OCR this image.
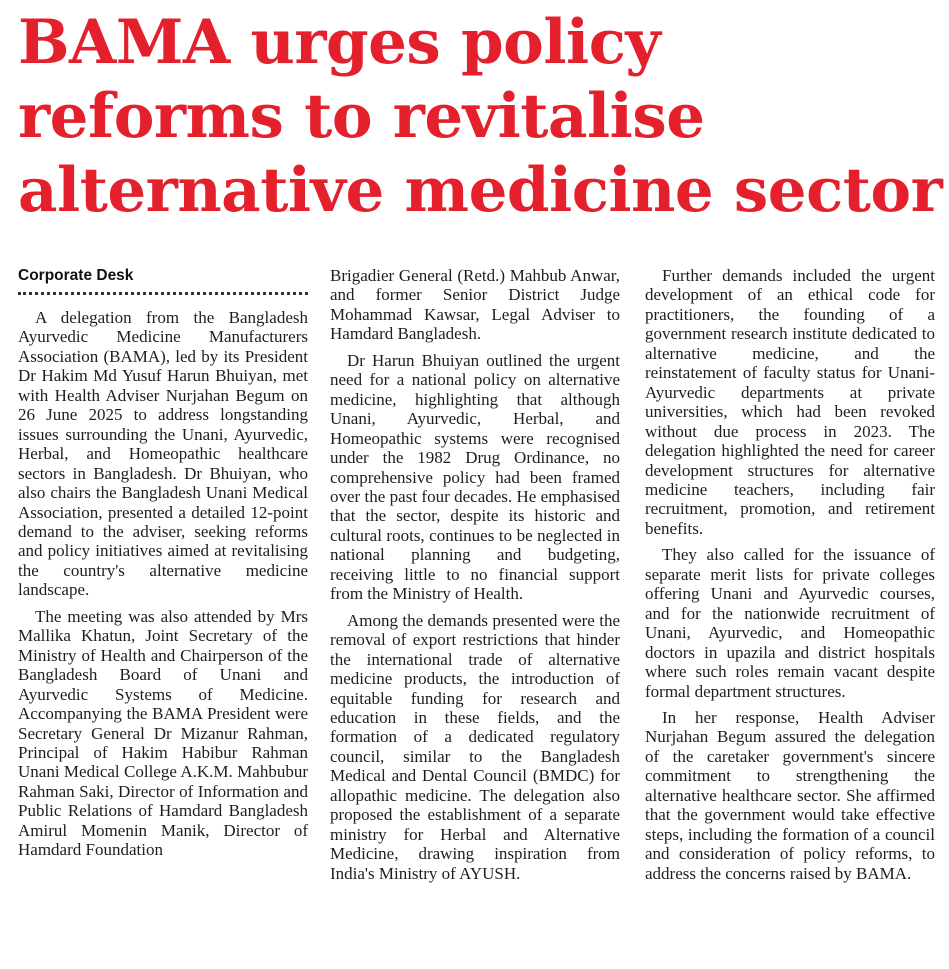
BAMA urges policy reforms to revitalise alternative medicine sector
Corporate Desk

A delegation from the Bangladesh Ayurvedic Medicine Manufacturers Association (BAMA), led by its President Dr Hakim Md Yusuf Harun Bhuiyan, met with Health Adviser Nurjahan Begum on 26 June 2025 to address longstanding issues surrounding the Unani, Ayurvedic, Herbal, and Homeopathic healthcare sectors in Bangladesh. Dr Bhuiyan, who also chairs the Bangladesh Unani Medical Association, presented a detailed 12-point demand to the adviser, seeking reforms and policy initiatives aimed at revitalising the country's alternative medicine landscape.

The meeting was also attended by Mrs Mallika Khatun, Joint Secretary of the Ministry of Health and Chairperson of the Bangladesh Board of Unani and Ayurvedic Systems of Medicine. Accompanying the BAMA President were Secretary General Dr Mizanur Rahman, Principal of Hakim Habibur Rahman Unani Medical College A.K.M. Mahbubur Rahman Saki, Director of Information and Public Relations of Hamdard Bangladesh Amirul Momenin Manik, Director of Hamdard Foundation

Brigadier General (Retd.) Mahbub Anwar, and former Senior District Judge Mohammad Kawsar, Legal Adviser to Hamdard Bangladesh.

Dr Harun Bhuiyan outlined the urgent need for a national policy on alternative medicine, highlighting that although Unani, Ayurvedic, Herbal, and Homeopathic systems were recognised under the 1982 Drug Ordinance, no comprehensive policy had been framed over the past four decades. He emphasised that the sector, despite its historic and cultural roots, continues to be neglected in national planning and budgeting, receiving little to no financial support from the Ministry of Health.

Among the demands presented were the removal of export restrictions that hinder the international trade of alternative medicine products, the introduction of equitable funding for research and education in these fields, and the formation of a dedicated regulatory council, similar to the Bangladesh Medical and Dental Council (BMDC) for allopathic medicine. The delegation also proposed the establishment of a separate ministry for Herbal and Alternative Medicine, drawing inspiration from India's Ministry of AYUSH.

Further demands included the urgent development of an ethical code for practitioners, the founding of a government research institute dedicated to alternative medicine, and the reinstatement of faculty status for Unani-Ayurvedic departments at private universities, which had been revoked without due process in 2023. The delegation highlighted the need for career development structures for alternative medicine teachers, including fair recruitment, promotion, and retirement benefits.

They also called for the issuance of separate merit lists for private colleges offering Unani and Ayurvedic courses, and for the nationwide recruitment of Unani, Ayurvedic, and Homeopathic doctors in upazila and district hospitals where such roles remain vacant despite formal department structures.

In her response, Health Adviser Nurjahan Begum assured the delegation of the caretaker government's sincere commitment to strengthening the alternative healthcare sector. She affirmed that the government would take effective steps, including the formation of a council and consideration of policy reforms, to address the concerns raised by BAMA.
